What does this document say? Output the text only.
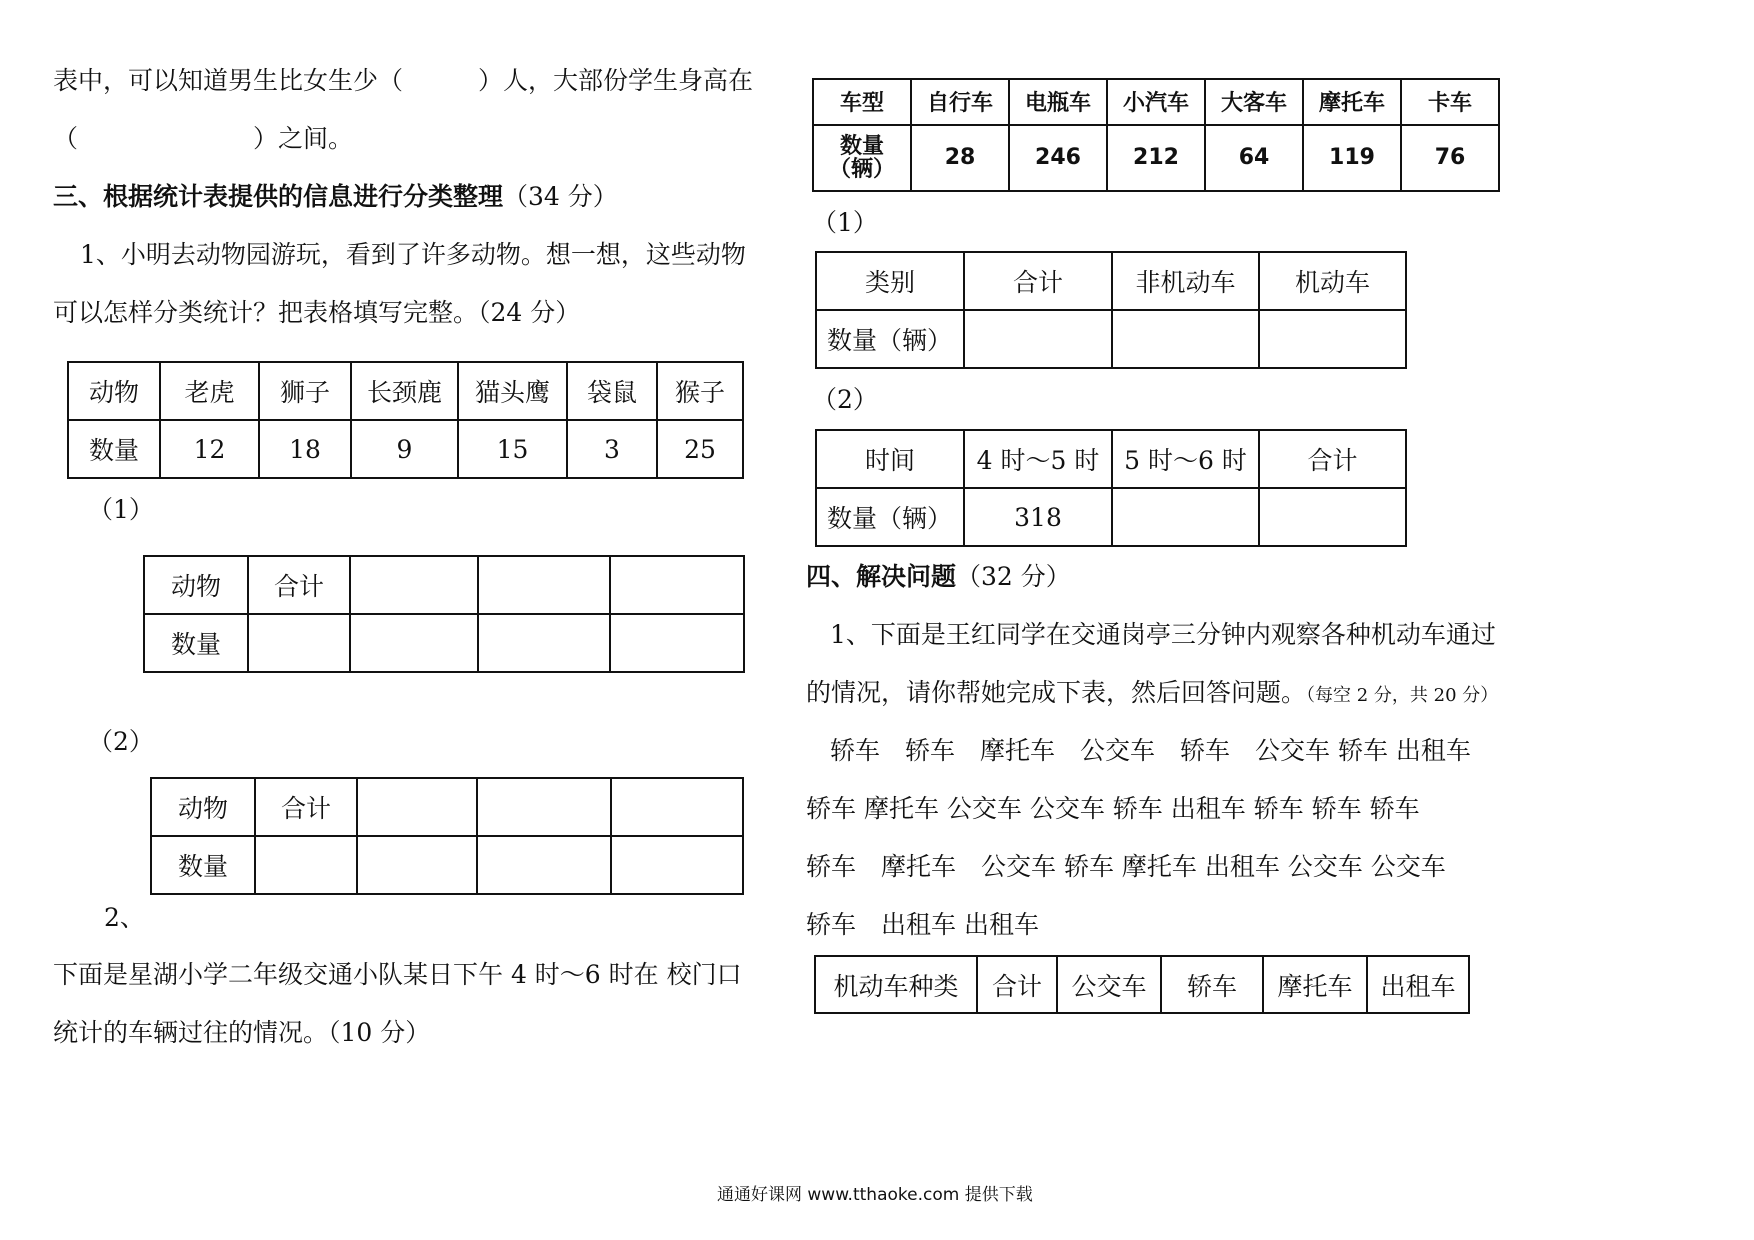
表中，可以知道男生比女生少（　　　）人，大部份学生身高在
（　　　　　　　）之间。
三、根据统计表提供的信息进行分类整理（34 分）
1、小明去动物园游玩，看到了许多动物。想一想，这些动物
可以怎样分类统计？把表格填写完整。（24 分）
动物	老虎	狮子	长颈鹿	猫头鹰	袋鼠	猴子
数量	12	18	9	15	3	25
（1）
动物	合计			
数量				
（2）
动物	合计			
数量				
2、
下面是星湖小学二年级交通小队某日下午 4 时～6 时在 校门口
统计的车辆过往的情况。（10 分）
车型	自行车	电瓶车	小汽车	大客车	摩托车	卡车

数量
（辆）	28	246	212	64	119	76
（1）
类别	合计	非机动车	机动车
数量（辆）			
（2）
时间	4 时～5 时	5 时～6 时	合计
数量（辆）	318		
四、解决问题（32 分）
1、下面是王红同学在交通岗亭三分钟内观察各种机动车通过
的情况，请你帮她完成下表，然后回答问题。（每空 2 分，共 20 分）
轿车　轿车　摩托车　公交车　轿车　公交车 轿车 出租车
轿车 摩托车 公交车 公交车 轿车 出租车 轿车 轿车 轿车
轿车　摩托车　公交车 轿车 摩托车 出租车 公交车 公交车
轿车　出租车 出租车
机动车种类	合计	公交车	轿车	摩托车	出租车
通通好课网 www.tthaoke.com 提供下载
